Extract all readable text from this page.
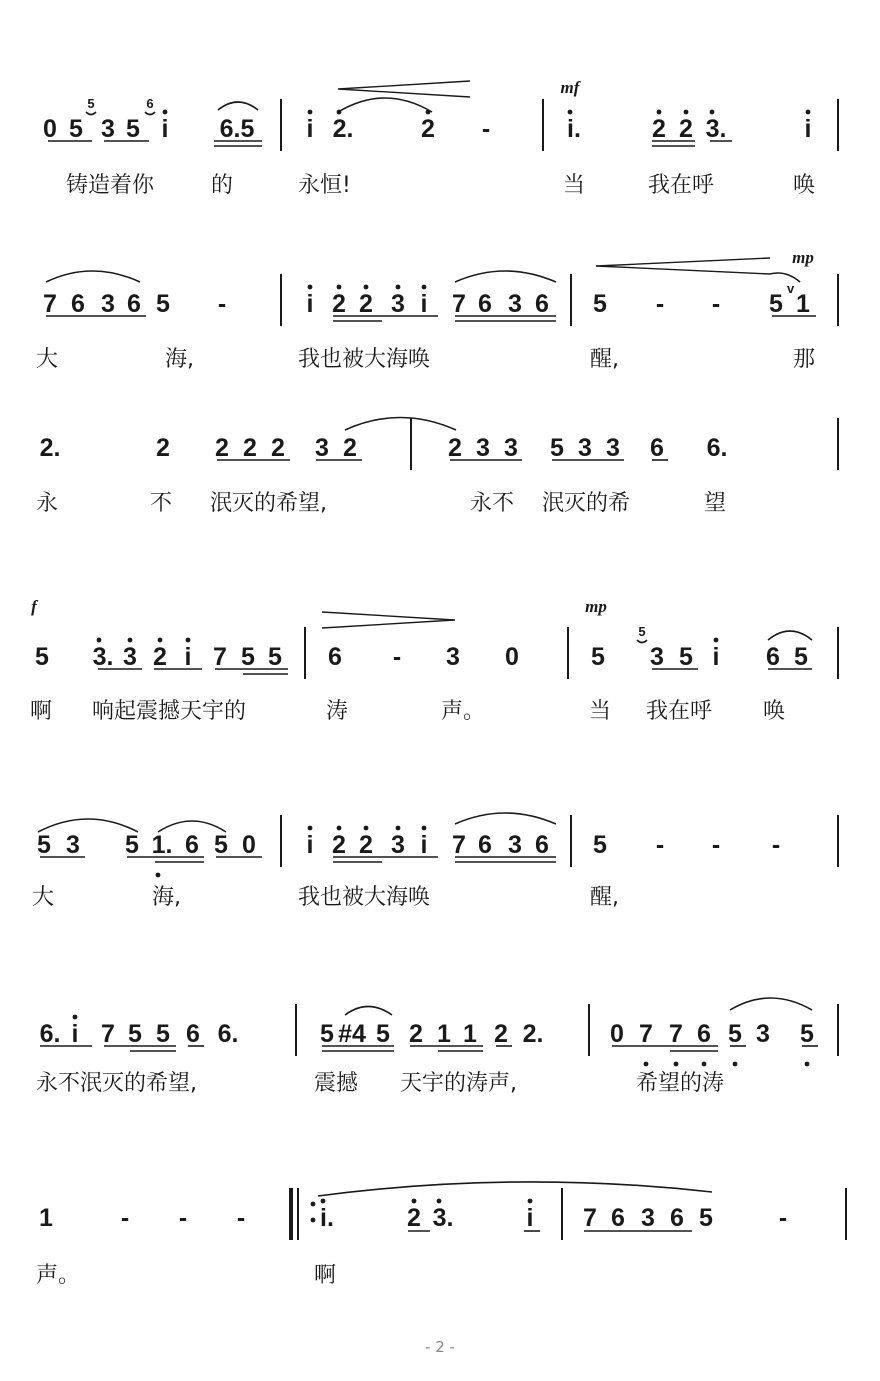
0 5 3 5 i 6.5 i 2.	2 -	i.	2 2 3.	i
5	6
mf
7 6 3 6 5 -	i 2 2 3 i 7 6 3 6 5 - - 5 1
mp
2.	2 2 2 2 3 2	2 3 3 5 3 3 6 6.
5 3. 3 2 i 7 5 5 6 - 3 0	5 3 5 i 6 5
5
f	mp
5 3 5 1. 6 5 0 i 2 2 3 i 7 6 3 6 5 - - -
6. i 7 5 5 6 6.	5 #4 5 2 1 1 2 2.	0 7 7 6 5 3 5
1	- - -	i.	2 3.	i 7 6 3 6 5	-
v
铸造着你	的	永恒!	当	我在呼	唤
大	海,	我也被大海唤	醒,	那
永	不 泯灭的希望,	永不 泯灭的希	望
啊 响起震撼天宇的	涛	声。	当 我在呼 唤
大	海,	我也被大海唤	醒,
永不泯灭的希望,	震撼 天宇的涛声,	希望的涛
声。	啊
- 2 -
